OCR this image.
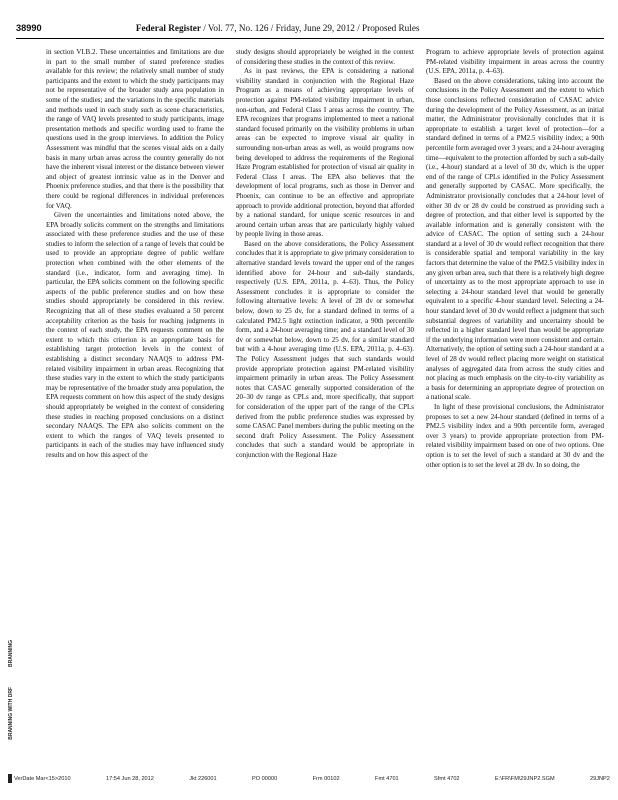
38990	Federal Register / Vol. 77, No. 126 / Friday, June 29, 2012 / Proposed Rules

in section VI.B.2. These uncertainties and limitations are due in part to the small number of stated preference studies available for this review; the relatively small number of study participants and the extent to which the study participants may not be representative of the broader study area population in some of the studies; and the variations in the specific materials and methods used in each study such as scene characteristics, the range of VAQ levels presented to study participants, image presentation methods and specific wording used to frame the questions used in the group interviews. In addition the Policy Assessment was mindful that the scenes visual aids on a daily basis in many urban areas across the country generally do not have the inherent visual interest or the distance between viewer and object of greatest intrinsic value as in the Denver and Phoenix preference studies, and that there is the possibility that there could be regional differences in individual preferences for VAQ.

Given the uncertainties and limitations noted above, the EPA broadly solicits comment on the strengths and limitations associated with these preference studies and the use of these studies to inform the selection of a range of levels that could be used to provide an appropriate degree of public welfare protection when combined with the other elements of the standard (i.e., indicator, form and averaging time). In particular, the EPA solicits comment on the following specific aspects of the public preference studies and on how these studies should appropriately be considered in this review. Recognizing that all of these studies evaluated a 50 percent acceptability criterion as the basis for reaching judgments in the context of each study, the EPA requests comment on the extent to which this criterion is an appropriate basis for establishing target protection levels in the context of establishing a distinct secondary NAAQS to address PM-related visibility impairment in urban areas. Recognizing that these studies vary in the extent to which the study participants may be representative of the broader study area population, the EPA requests comment on how this aspect of the study designs should appropriately be weighed in the context of considering these studies in reaching proposed conclusions on a distinct secondary NAAQS. The EPA also solicits comment on the extent to which the ranges of VAQ levels presented to participants in each of the studies may have influenced study results and on how this aspect of the

study designs should appropriately be weighed in the context of considering these studies in the context of this review.

As in past reviews, the EPA is considering a national visibility standard in conjunction with the Regional Haze Program as a means of achieving appropriate levels of protection against PM-related visibility impairment in urban, non-urban, and Federal Class I areas across the country. The EPA recognizes that programs implemented to meet a national standard focused primarily on the visibility problems in urban areas can be expected to improve visual air quality in surrounding non-urban areas as well, as would programs now being developed to address the requirements of the Regional Haze Program established for protection of visual air quality in Federal Class I areas. The EPA also believes that the development of local programs, such as those in Denver and Phoenix, can continue to be an effective and appropriate approach to provide additional protection, beyond that afforded by a national standard, for unique scenic resources in and around certain urban areas that are particularly highly valued by people living in those areas.

Based on the above considerations, the Policy Assessment concludes that it is appropriate to give primary consideration to alternative standard levels toward the upper end of the ranges identified above for 24-hour and sub-daily standards, respectively (U.S. EPA, 2011a, p. 4–63). Thus, the Policy Assessment concludes it is appropriate to consider the following alternative levels: A level of 28 dv or somewhat below, down to 25 dv, for a standard defined in terms of a calculated PM2.5 light extinction indicator, a 90th percentile form, and a 24-hour averaging time; and a standard level of 30 dv or somewhat below, down to 25 dv, for a similar standard but with a 4-hour averaging time (U.S. EPA, 2011a, p. 4–63). The Policy Assessment judges that such standards would provide appropriate protection against PM-related visibility impairment primarily in urban areas. The Policy Assessment notes that CASAC generally supported consideration of the 20–30 dv range as CPLs and, more specifically, that support for consideration of the upper part of the range of the CPLs derived from the public preference studies was expressed by some CASAC Panel members during the public meeting on the second draft Policy Assessment. The Policy Assessment concludes that such a standard would be appropriate in conjunction with the Regional Haze

Program to achieve appropriate levels of protection against PM-related visibility impairment in areas across the country (U.S. EPA, 2011a, p. 4–63).

Based on the above considerations, taking into account the conclusions in the Policy Assessment and the extent to which those conclusions reflected consideration of CASAC advice during the development of the Policy Assessment, as an initial matter, the Administrator provisionally concludes that it is appropriate to establish a target level of protection—for a standard defined in terms of a PM2.5 visibility index; a 90th percentile form averaged over 3 years; and a 24-hour averaging time—equivalent to the protection afforded by such a sub-daily (i.e., 4-hour) standard at a level of 30 dv, which is the upper end of the range of CPLs identified in the Policy Assessment and generally supported by CASAC. More specifically, the Administrator provisionally concludes that a 24-hour level of either 30 dv or 28 dv could be construed as providing such a degree of protection, and that either level is supported by the available information and is generally consistent with the advice of CASAC. The option of setting such a 24-hour standard at a level of 30 dv would reflect recognition that there is considerable spatial and temporal variability in the key factors that determine the value of the PM2.5 visibility index in any given urban area, such that there is a relatively high degree of uncertainty as to the most appropriate approach to use in selecting a 24-hour standard level that would be generally equivalent to a specific 4-hour standard level. Selecting a 24-hour standard level of 30 dv would reflect a judgment that such substantial degrees of variability and uncertainty should be reflected in a higher standard level than would be appropriate if the underlying information were more consistent and certain. Alternatively, the option of setting such a 24-hour standard at a level of 28 dv would reflect placing more weight on statistical analyses of aggregated data from across the study cities and not placing as much emphasis on the city-to-city variability as a basis for determining an appropriate degree of protection on a national scale.

In light of these provisional conclusions, the Administrator proposes to set a new 24-hour standard (defined in terms of a PM2.5 visibility index and a 90th percentile form, averaged over 3 years) to provide appropriate protection from PM-related visibility impairment based on one of two options. One option is to set the level of such a standard at 30 dv and the other option is to set the level at 28 dv. In so doing, the

BRANNING
BRANNING WITH DRF
VerDate Mar<15>2010	17:54 Jun 28, 2012	Jkt 226001	PO 00000	Frm 00102	Fmt 4701	Sfmt 4702	E:\FR\FM\29JNP2.SGM	29JNP2
